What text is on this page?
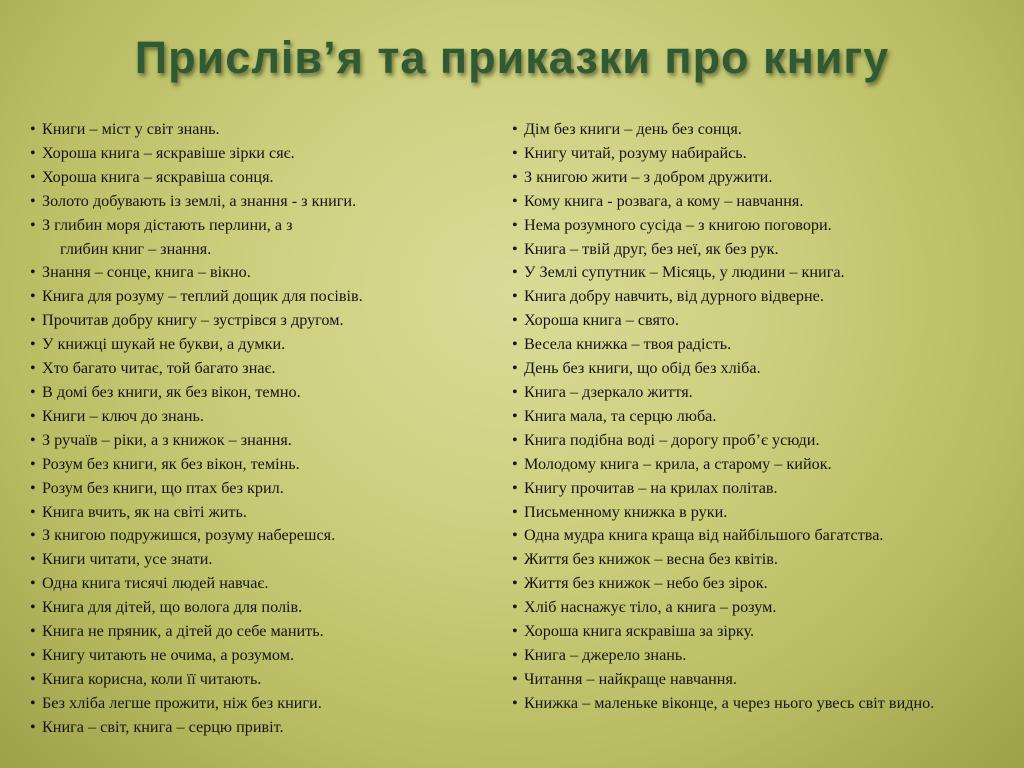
Прислів’я та приказки про книгу
• Книги – міст у світ знань.
• Хороша книга – яскравіше зірки сяє.
• Хороша книга – яскравіша сонця.
• Золото добувають із землі, а знання - з книги.
• З глибин моря дістають перлини, а з
глибин книг – знання.
• Знання – сонце, книга – вікно.
• Книга для розуму – теплий дощик для посівів.
• Прочитав добру книгу – зустрівся з другом.
• У книжці шукай не букви, а думки.
• Хто багато читає, той багато знає.
• В домі без книги, як без вікон, темно.
• Книги – ключ до знань.
• З ручаїв – ріки, а з книжок – знання.
• Розум без книги, як без вікон, темінь.
• Розум без книги, що птах без крил.
• Книга вчить, як на світі жить.
• З книгою подружишся, розуму наберешся.
• Книги читати, усе знати.
• Одна книга тисячі людей навчає.
• Книга для дітей, що волога для полів.
• Книга не пряник, а дітей до себе манить.
• Книгу читають не очима, а розумом.
• Книга корисна, коли її читають.
• Без хліба легше прожити, ніж без книги.
• Книга – світ, книга – серцю привіт.
• Дім без книги – день без сонця.
• Книгу читай, розуму набирайсь.
• З книгою жити – з добром дружити.
• Кому книга - розвага, а кому – навчання.
• Нема розумного сусіда – з книгою поговори.
• Книга – твій друг, без неї, як без рук.
• У Землі супутник – Місяць, у людини – книга.
• Книга добру навчить, від дурного відверне.
• Хороша книга – свято.
• Весела книжка – твоя радість.
• День без книги, що обід без хліба.
• Книга – дзеркало життя.
• Книга мала, та серцю люба.
• Книга подібна воді – дорогу проб’є усюди.
• Молодому книга – крила, а старому – кийок.
• Книгу прочитав – на крилах політав.
• Письменному книжка в руки.
• Одна мудра книга краща від найбільшого багатства.
• Життя без книжок – весна без квітів.
• Життя без книжок – небо без зірок.
• Хліб наснажує тіло, а книга – розум.
• Хороша книга яскравіша за зірку.
• Книга – джерело знань.
• Читання – найкраще навчання.
• Книжка – маленьке віконце, а через нього увесь світ видно.
